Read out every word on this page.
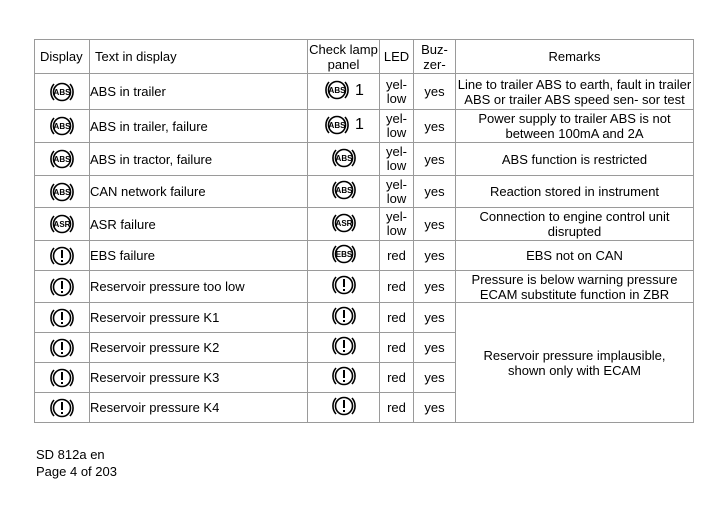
Display	Text in display	Check lamp panel	LED	Buz- zer-	Remarks

ABS	ABS in trailer	ABS 1	yel- low	yes	Line to trailer ABS to earth, fault in trailer ABS or trailer ABS speed sen- sor test

ABS	ABS in trailer, failure	ABS 1	yel- low	yes	Power supply to trailer ABS is not between 100mA and 2A

ABS	ABS in tractor, failure	ABS	yel- low	yes	ABS function is restricted

ABS	CAN network failure	ABS	yel- low	yes	Reaction stored in instrument

ASR	ASR failure	ASR	yel- low	yes	Connection to engine control unit disrupted
	EBS failure	EBS	red	yes	EBS not on CAN
	Reservoir pressure too low		red	yes	Pressure is below warning pressure ECAM substitute function in ZBR
	Reservoir pressure K1		red	yes	Reservoir pressure implausible, shown only with ECAM
	Reservoir pressure K2		red	yes	
	Reservoir pressure K3		red	yes	
	Reservoir pressure K4		red	yes	
SD 812a en
Page 4 of 203
